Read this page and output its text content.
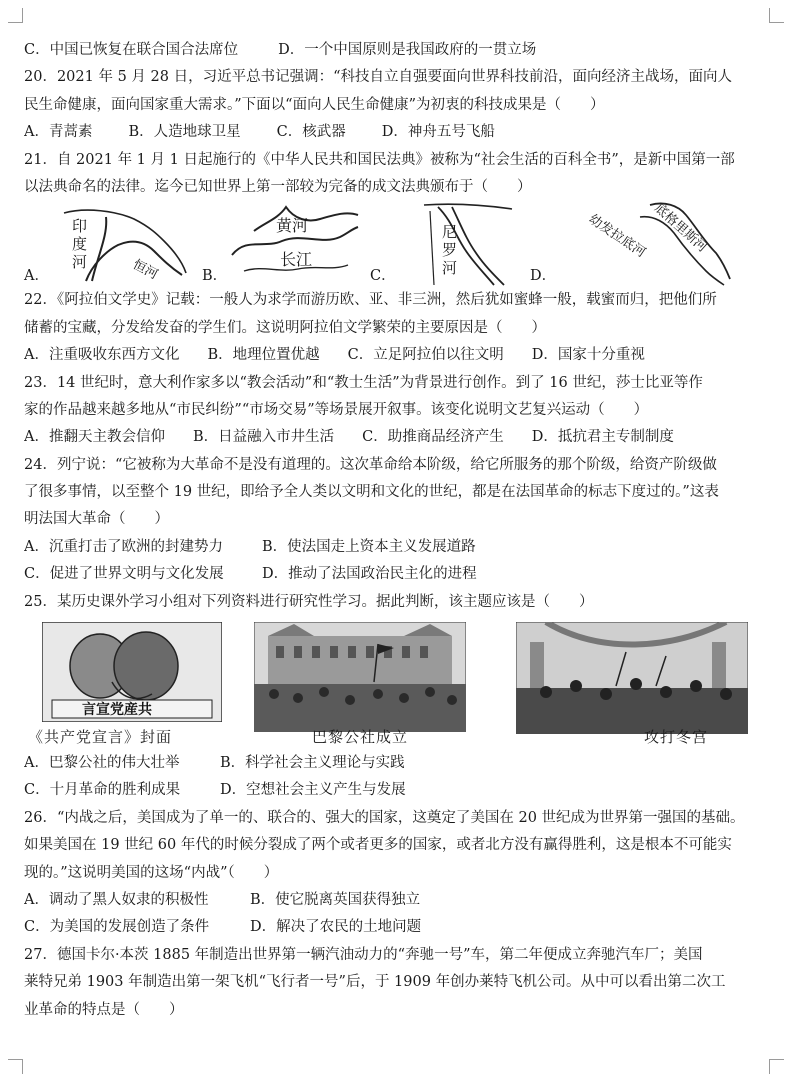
C．中国已恢复在联合国合法席位	D．一个中国原则是我国政府的一贯立场
20．2021 年 5 月 28 日，习近平总书记强调：“科技自立自强要面向世界科技前沿，面向经济主战场，面向人
民生命健康，面向国家重大需求。”下面以“面向人民生命健康”为初衷的科技成果是（　　）
A．青蒿素 B．人造地球卫星 C．核武器 D．神舟五号飞船
21．自 2021 年 1 月 1 日起施行的《中华人民共和国民法典》被称为“社会生活的百科全书”，是新中国第一部
以法典命名的法律。迄今已知世界上第一部较为完备的成文法典颁布于（　　）
A．
印
度
河	恒河	B．
黄河
长江
C．
尼
罗
河	D．
幼发拉底河 底格里斯河
22．《阿拉伯文学史》记载：一般人为求学而游历欧、亚、非三洲，然后犹如蜜蜂一般，载蜜而归，把他们所
储蓄的宝藏，分发给发奋的学生们。这说明阿拉伯文学繁荣的主要原因是（　　）
A．注重吸收东西方文化 B．地理位置优越 C．立足阿拉伯以往文明 D．国家十分重视
23．14 世纪时，意大利作家多以“教会活动”和“教士生活”为背景进行创作。到了 16 世纪，莎士比亚等作
家的作品越来越多地从“市民纠纷”“市场交易”等场景展开叙事。该变化说明文艺复兴运动（　　）
A．推翻天主教会信仰 B．日益融入市井生活 C．助推商品经济产生 D．抵抗君主专制制度
24．列宁说：“它被称为大革命不是没有道理的。这次革命给本阶级，给它所服务的那个阶级，给资产阶级做
了很多事情，以至整个 19 世纪，即给予全人类以文明和文化的世纪，都是在法国革命的标志下度过的。”这表
明法国大革命（　　）
A．沉重打击了欧洲的封建势力	B．使法国走上资本主义发展道路
C．促进了世界文明与文化发展	D．推动了法国政治民主化的进程
25．某历史课外学习小组对下列资料进行研究性学习。据此判断，该主题应该是（　　）
言宣党産共
《共产党宣言》封面	巴黎公社成立	攻打冬宫
A．巴黎公社的伟大壮举	B．科学社会主义理论与实践
C．十月革命的胜利成果	D．空想社会主义产生与发展
26．“内战之后，美国成为了单一的、联合的、强大的国家，这奠定了美国在 20 世纪成为世界第一强国的基础。
如果美国在 19 世纪 60 年代的时候分裂成了两个或者更多的国家，或者北方没有赢得胜利，这是根本不可能实
现的。”这说明美国的这场“内战”（　　）
A．调动了黑人奴隶的积极性	B．使它脱离英国获得独立
C．为美国的发展创造了条件	D．解决了农民的土地问题
27．德国卡尔·本茨 1885 年制造出世界第一辆汽油动力的“奔驰一号”车，第二年便成立奔驰汽车厂；美国
莱特兄弟 1903 年制造出第一架飞机“飞行者一号”后，于 1909 年创办莱特飞机公司。从中可以看出第二次工
业革命的特点是（　　）
